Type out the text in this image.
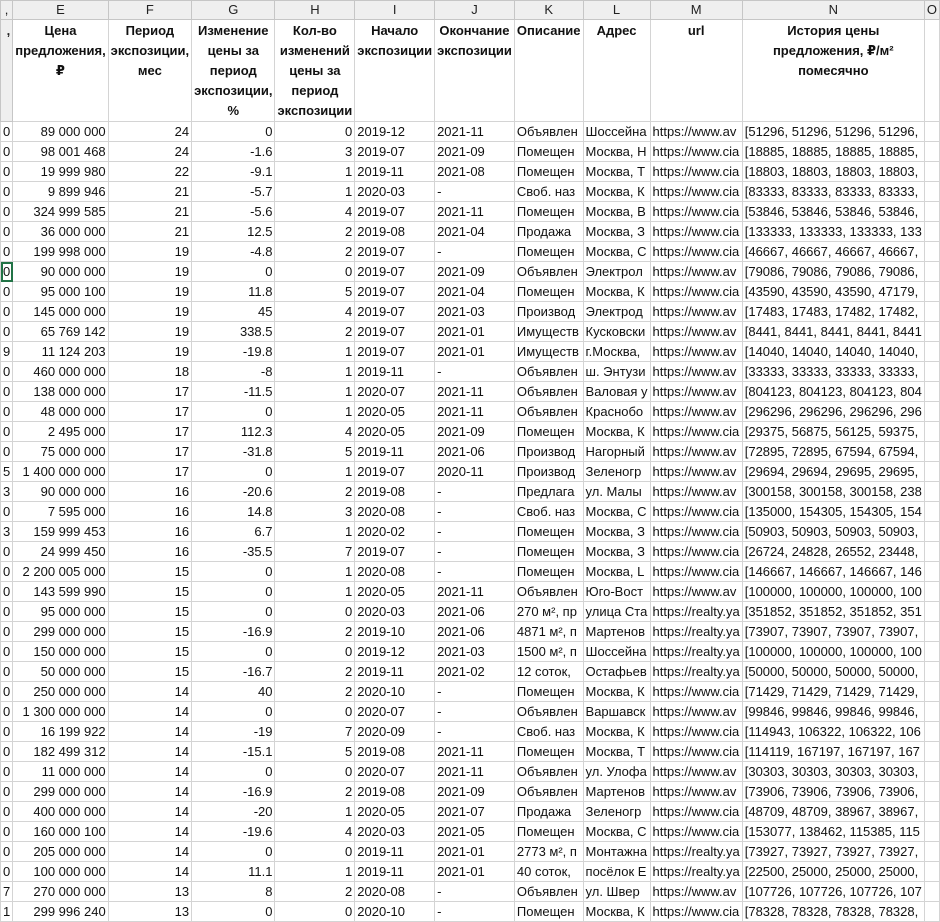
,	E	F	G	H	I	J	K	L	M	N	O
,	Цена предложения, ₽	Период экспозиции, мес	Изменение цены за период экспозиции, %	Кол-во изменений цены за период экспозиции	Начало экспозиции	Окончание экспозиции	Описание	Адрес	url	История цены предложения, ₽/м² помесячно	
0	89 000 000	24	0	0	2019-12	2021-11	Объявлен	Шоссейна	https://www.av	[51296, 51296, 51296, 51296,	
0	98 001 468	24	-1.6	3	2019-07	2021-09	Помещен	Москва, Н	https://www.cia	[18885, 18885, 18885, 18885,	
0	19 999 980	22	-9.1	1	2019-11	2021-08	Помещен	Москва, Т	https://www.cia	[18803, 18803, 18803, 18803,	
0	9 899 946	21	-5.7	1	2020-03	-	Своб. наз	Москва, К	https://www.cia	[83333, 83333, 83333, 83333,	
0	324 999 585	21	-5.6	4	2019-07	2021-11	Помещен	Москва, В	https://www.cia	[53846, 53846, 53846, 53846,	
0	36 000 000	21	12.5	2	2019-08	2021-04	Продажа	Москва, З	https://www.cia	[133333, 133333, 133333, 133	
0	199 998 000	19	-4.8	2	2019-07	-	Помещен	Москва, С	https://www.cia	[46667, 46667, 46667, 46667,	
0	90 000 000	19	0	0	2019-07	2021-09	Объявлен	Электрол	https://www.av	[79086, 79086, 79086, 79086,	
0	95 000 100	19	11.8	5	2019-07	2021-04	Помещен	Москва, К	https://www.cia	[43590, 43590, 43590, 47179,	
0	145 000 000	19	45	4	2019-07	2021-03	Производ	Электрод	https://www.av	[17483, 17483, 17482, 17482,	
0	65 769 142	19	338.5	2	2019-07	2021-01	Имуществ	Кусковски	https://www.av	[8441, 8441, 8441, 8441, 8441	
9	11 124 203	19	-19.8	1	2019-07	2021-01	Имуществ	г.Москва,	https://www.av	[14040, 14040, 14040, 14040,	
0	460 000 000	18	-8	1	2019-11	-	Объявлен	ш. Энтузи	https://www.av	[33333, 33333, 33333, 33333,	
0	138 000 000	17	-11.5	1	2020-07	2021-11	Объявлен	Валовая у	https://www.av	[804123, 804123, 804123, 804	
0	48 000 000	17	0	1	2020-05	2021-11	Объявлен	Краснобо	https://www.av	[296296, 296296, 296296, 296	
0	2 495 000	17	112.3	4	2020-05	2021-09	Помещен	Москва, К	https://www.cia	[29375, 56875, 56125, 59375,	
0	75 000 000	17	-31.8	5	2019-11	2021-06	Производ	Нагорный	https://www.av	[72895, 72895, 67594, 67594,	
5	1 400 000 000	17	0	1	2019-07	2020-11	Производ	Зеленогр	https://www.av	[29694, 29694, 29695, 29695,	
3	90 000 000	16	-20.6	2	2019-08	-	Предлага	ул. Малы	https://www.av	[300158, 300158, 300158, 238	
0	7 595 000	16	14.8	3	2020-08	-	Своб. наз	Москва, С	https://www.cia	[135000, 154305, 154305, 154	
3	159 999 453	16	6.7	1	2020-02	-	Помещен	Москва, З	https://www.cia	[50903, 50903, 50903, 50903,	
0	24 999 450	16	-35.5	7	2019-07	-	Помещен	Москва, З	https://www.cia	[26724, 24828, 26552, 23448,	
0	2 200 005 000	15	0	1	2020-08	-	Помещен	Москва, L	https://www.cia	[146667, 146667, 146667, 146	
0	143 599 990	15	0	1	2020-05	2021-11	Объявлен	Юго-Вост	https://www.av	[100000, 100000, 100000, 100	
0	95 000 000	15	0	0	2020-03	2021-06	270 м², пр	улица Ста	https://realty.ya	[351852, 351852, 351852, 351	
0	299 000 000	15	-16.9	2	2019-10	2021-06	4871 м², п	Мартенов	https://realty.ya	[73907, 73907, 73907, 73907,	
0	150 000 000	15	0	0	2019-12	2021-03	1500 м², п	Шоссейна	https://realty.ya	[100000, 100000, 100000, 100	
0	50 000 000	15	-16.7	2	2019-11	2021-02	12 соток,	Остафьев	https://realty.ya	[50000, 50000, 50000, 50000,	
0	250 000 000	14	40	2	2020-10	-	Помещен	Москва, К	https://www.cia	[71429, 71429, 71429, 71429,	
0	1 300 000 000	14	0	0	2020-07	-	Объявлен	Варшавск	https://www.av	[99846, 99846, 99846, 99846,	
0	16 199 922	14	-19	7	2020-09	-	Своб. наз	Москва, К	https://www.cia	[114943, 106322, 106322, 106	
0	182 499 312	14	-15.1	5	2019-08	2021-11	Помещен	Москва, Т	https://www.cia	[114119, 167197, 167197, 167	
0	11 000 000	14	0	0	2020-07	2021-11	Объявлен	ул. Улофа	https://www.av	[30303, 30303, 30303, 30303,	
0	299 000 000	14	-16.9	2	2019-08	2021-09	Объявлен	Мартенов	https://www.av	[73906, 73906, 73906, 73906,	
0	400 000 000	14	-20	1	2020-05	2021-07	Продажа	Зеленогр	https://www.cia	[48709, 48709, 38967, 38967,	
0	160 000 100	14	-19.6	4	2020-03	2021-05	Помещен	Москва, С	https://www.cia	[153077, 138462, 115385, 115	
0	205 000 000	14	0	0	2019-11	2021-01	2773 м², п	Монтажна	https://realty.ya	[73927, 73927, 73927, 73927,	
0	100 000 000	14	11.1	1	2019-11	2021-01	40 соток,	посёлок Е	https://realty.ya	[22500, 25000, 25000, 25000,	
7	270 000 000	13	8	2	2020-08	-	Объявлен	ул. Швер	https://www.av	[107726, 107726, 107726, 107	
1	299 996 240	13	0	0	2020-10	-	Помещен	Москва, К	https://www.cia	[78328, 78328, 78328, 78328,	
